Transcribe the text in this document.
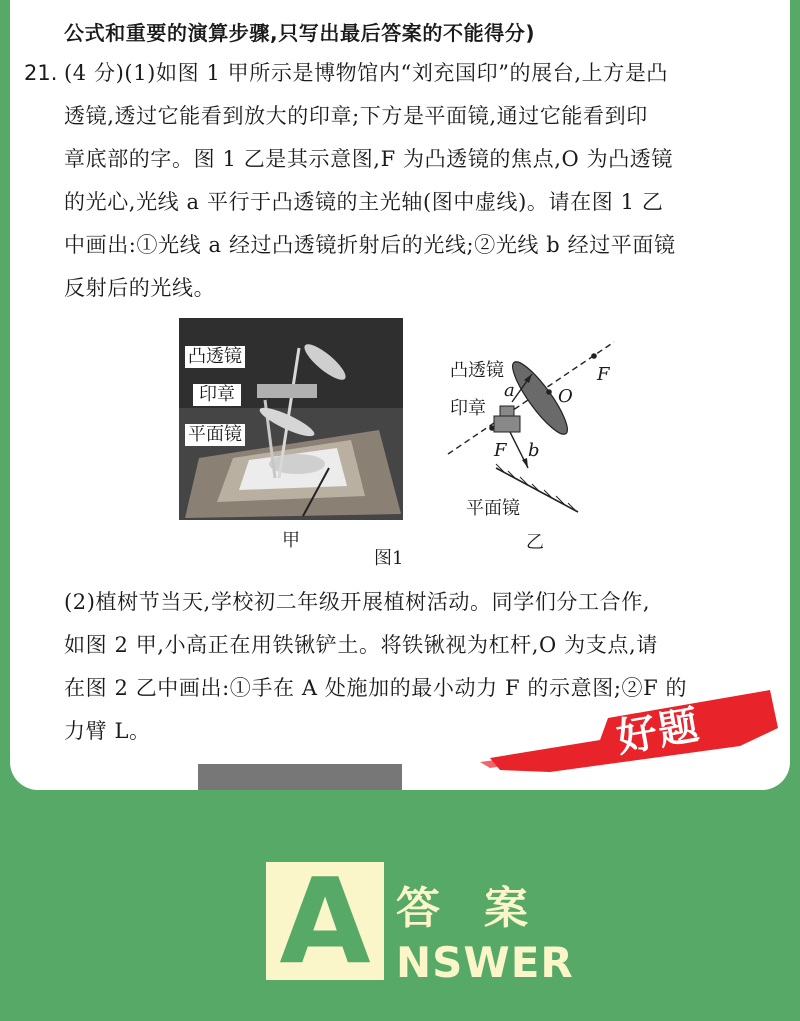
公式和重要的演算步骤,只写出最后答案的不能得分)
21. (4 分)(1)如图 1 甲所示是博物馆内“刘充国印”的展台,上方是凸
透镜,透过它能看到放大的印章;下方是平面镜,通过它能看到印
章底部的字。图 1 乙是其示意图,F 为凸透镜的焦点,O 为凸透镜
的光心,光线 a 平行于凸透镜的主光轴(图中虚线)。请在图 1 乙
中画出:①光线 a 经过凸透镜折射后的光线;②光线 b 经过平面镜
反射后的光线。
凸透镜
印章
平面镜
甲
图1
凸透镜
印章
平面镜
F
F
O
a
b
乙
(2)植树节当天,学校初二年级开展植树活动。同学们分工合作,
如图 2 甲,小高正在用铁锹铲土。将铁锹视为杠杆,O 为支点,请
在图 2 乙中画出:①手在 A 处施加的最小动力 F 的示意图;②F 的
力臂 L。	好题
A 答案
NSWER
